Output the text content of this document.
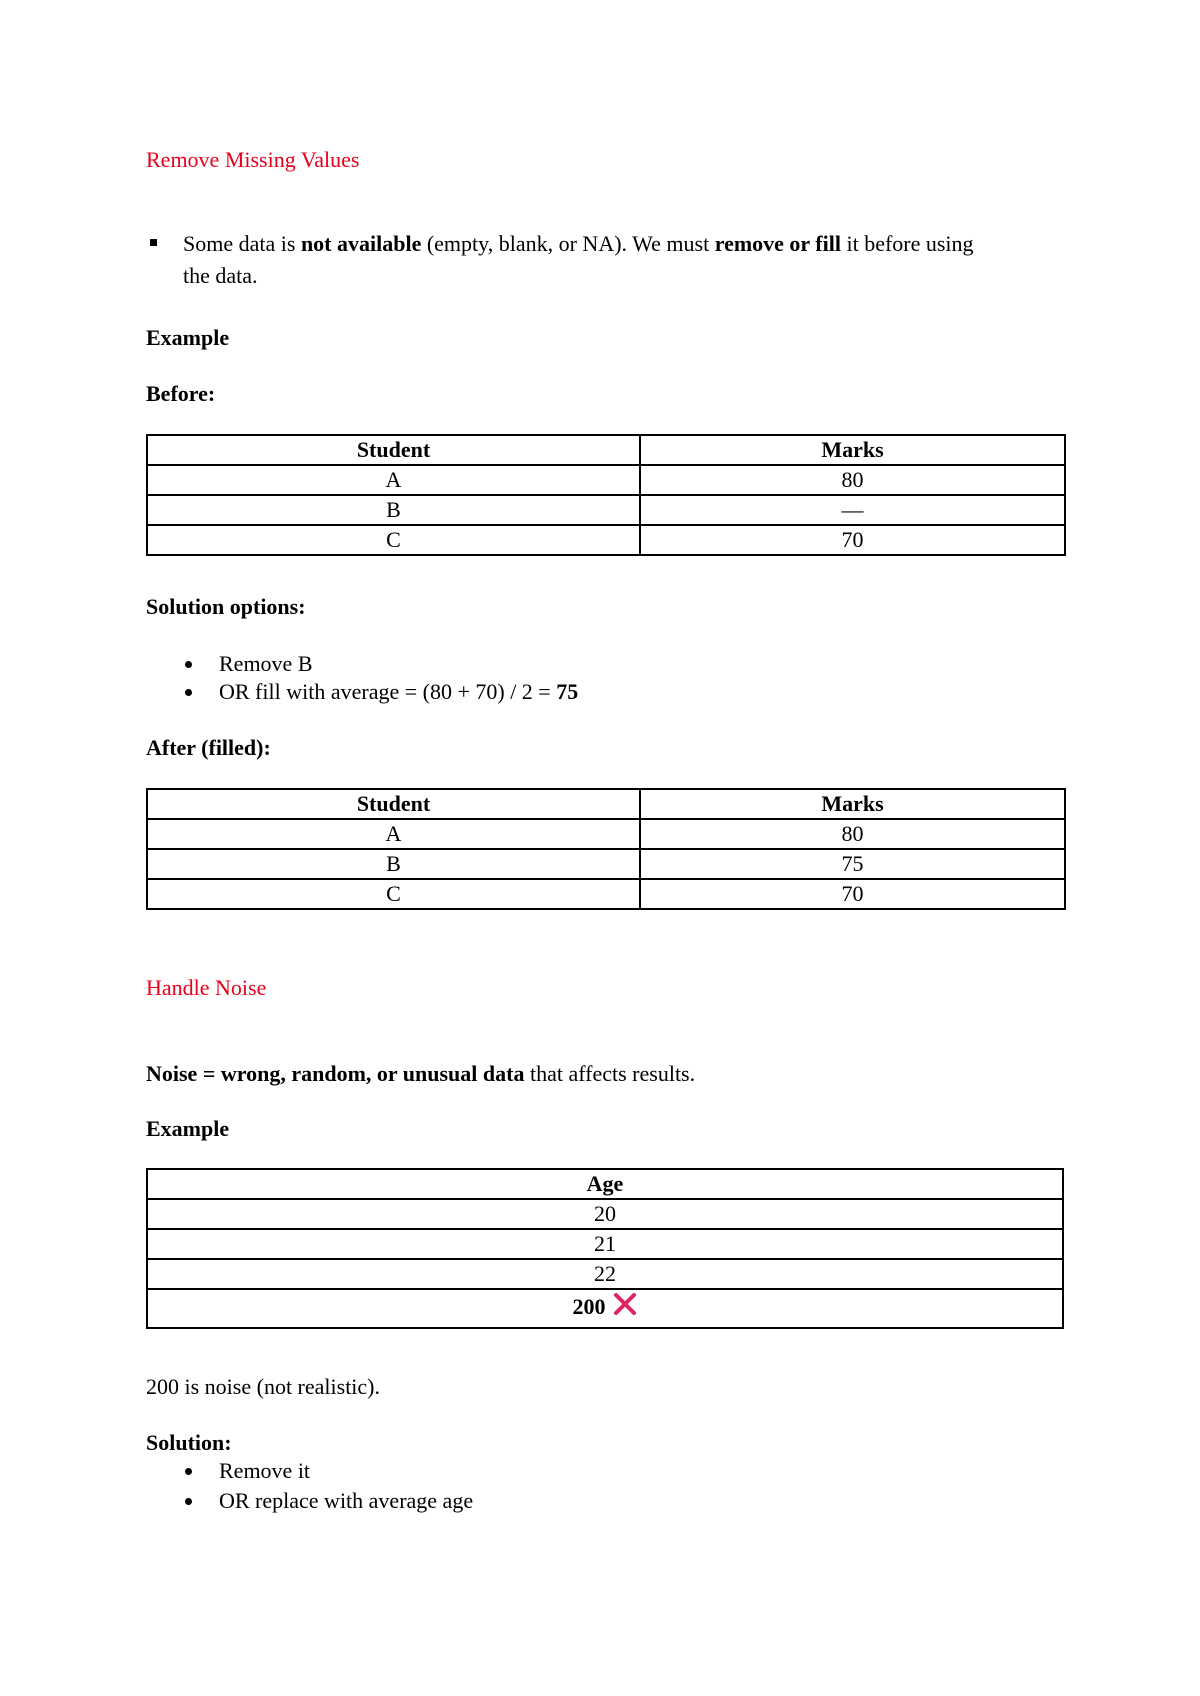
Remove Missing Values
Some data is not available (empty, blank, or NA). We must remove or fill it before using
the data.
Example
Before:
Student	Marks
A	80
B	—
C	70
Solution options:
Remove B
OR fill with average = (80 + 70) / 2 = 75
After (filled):
Student	Marks
A	80
B	75
C	70
Handle Noise
Noise = wrong, random, or unusual data that affects results.
Example
Age
20
21
22
200
200 is noise (not realistic).
Solution:
Remove it
OR replace with average age
